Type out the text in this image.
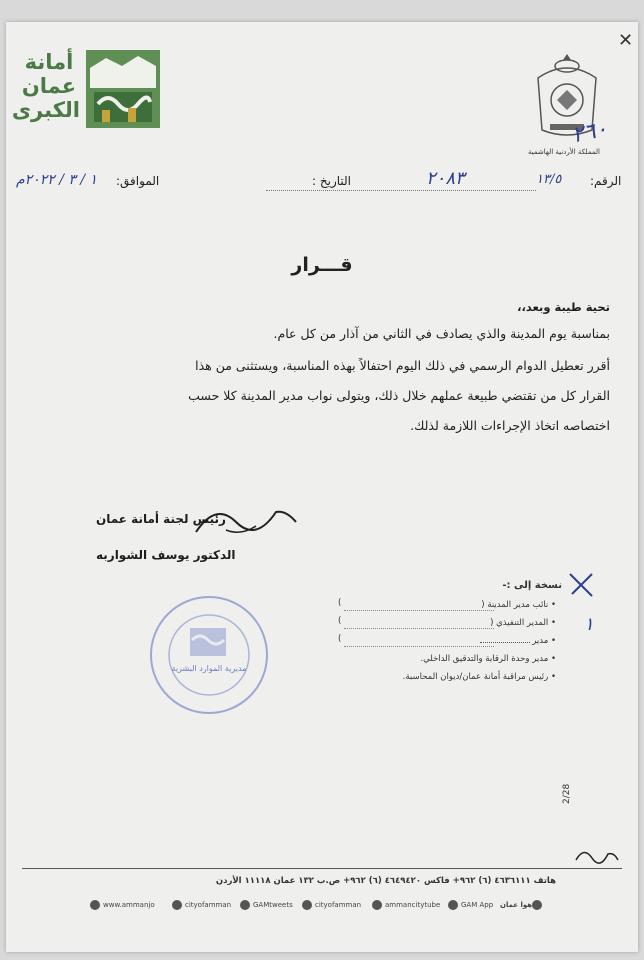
أمانة
عمان
الكبرى
المملكة الأردنية الهاشمية
٢٦٠
✕
الرقم:
١٣/٥
التاريخ :	٢٠٨٣
الموافق:
١ / ٣ / ٢٠٢٢م
قـــرار
تحية طيبة وبعد،،
بمناسبة يوم المدينة والذي يصادف في الثاني من آذار من كل عام.
أقرر تعطيل الدوام الرسمي في ذلك اليوم احتفالاً بهذه المناسبة، ويستثنى من هذا
القرار كل من تقتضي طبيعة عملهم خلال ذلك، ويتولى نواب مدير المدينة كلا حسب
اختصاصه اتخاذ الإجراءات اللازمة لذلك.
رئيس لجنة أمانة عمان
الدكتور يوسف الشواربه
مديرية الموارد البشرية
نسخة إلى :-
١
• نائب مدير المدينة (
• المدير التنفيذي (
• مدير
• مدير وحدة الرقابة والتدقيق الداخلي.
• رئيس مراقبة أمانة عمان/ديوان المحاسبة.
)
)
)
2/28
هاتف ٤٦٣٦١١١ (٦) ٩٦٢+ فاكس ٤٦٤٩٤٢٠ (٦) ٩٦٢+ ص.ب ١٣٢ عمان ١١١١٨ الأردن
www.ammanjo	cityofamman	GAMtweets	cityofamman	ammancitytube	GAM App هوا عمان
